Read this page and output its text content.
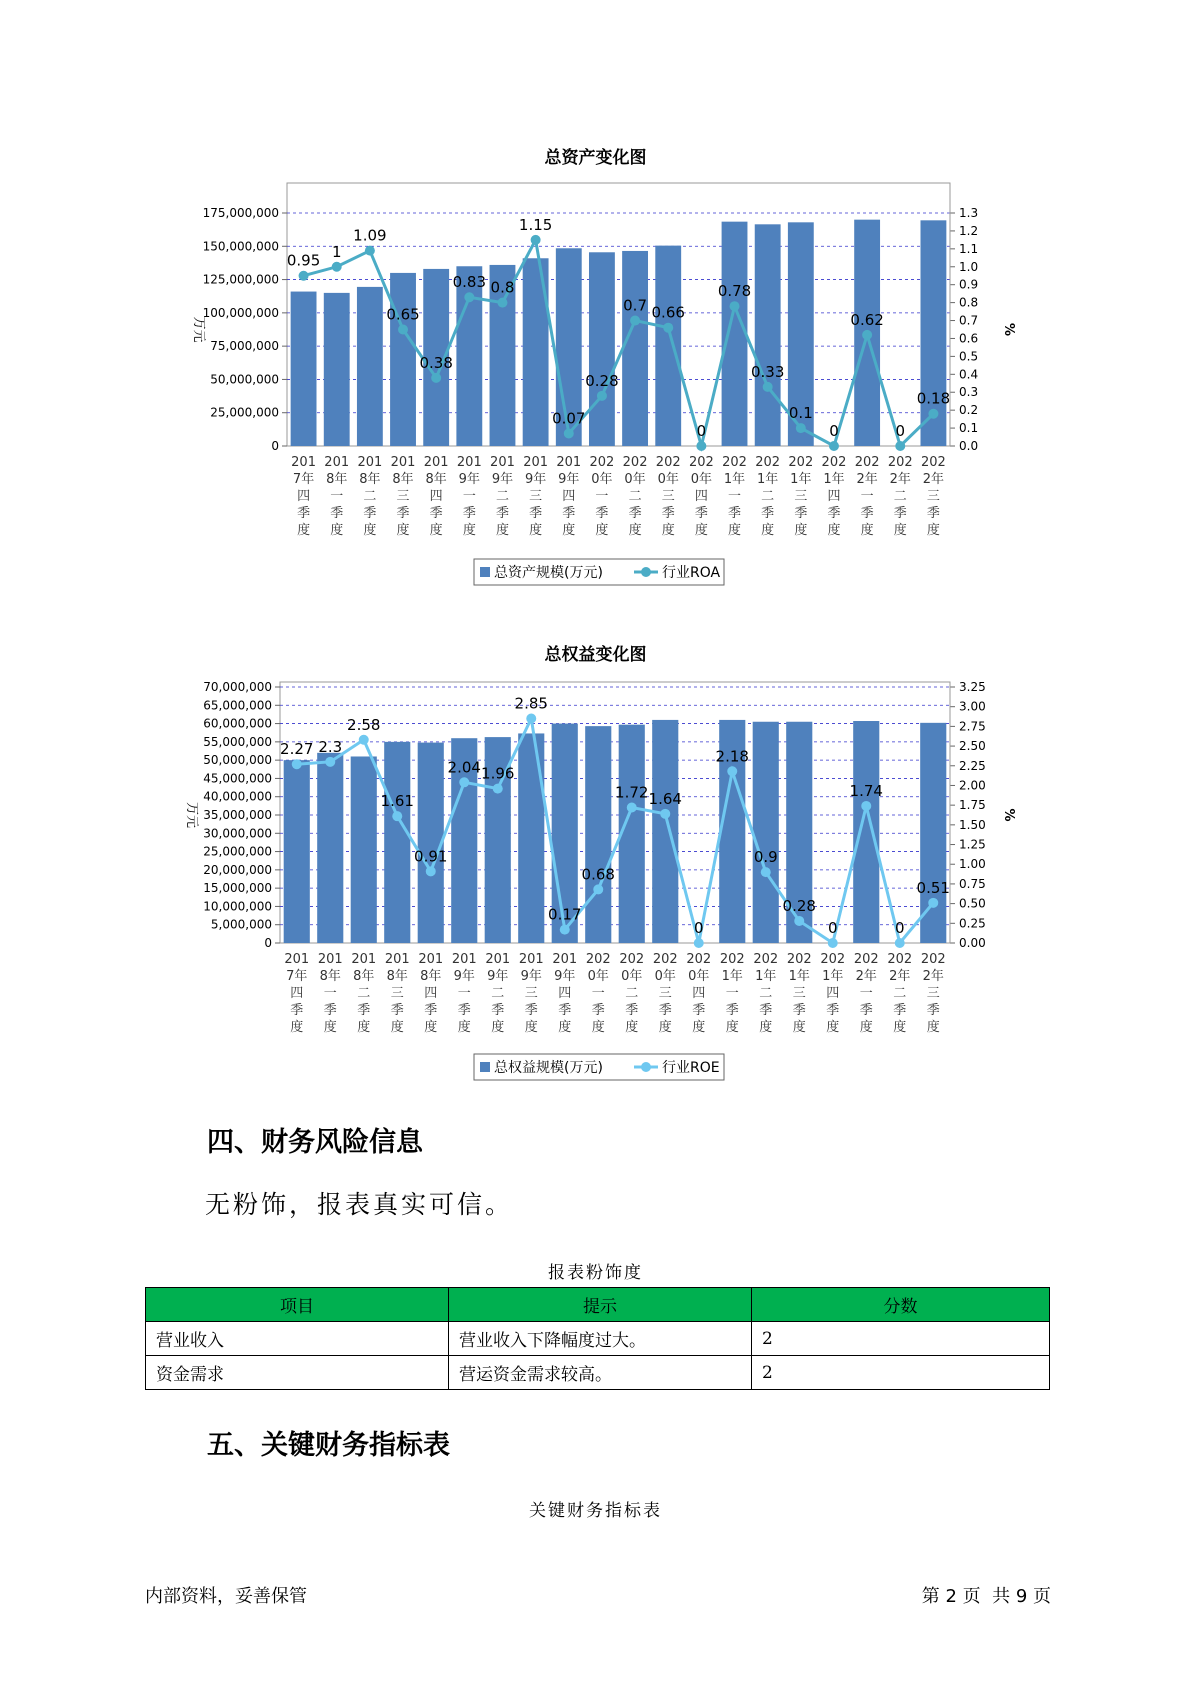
总资产变化图
0
25,000,000
50,000,000
75,000,000
100,000,000
125,000,000
150,000,000
175,000,000
0.0
0.1
0.2
0.3
0.4
0.5
0.6
0.7
0.8
0.9
1.0
1.1
1.2
1.3
万元	%
0.95 1
1.09
0.65
0.38
0.83 0.8
1.15
0.07
0.28
0.7 0.66
0
0.78
0.33
0.1
0
0.62
0
0.18
201
7年
四
季
度
201
8年
一
季
度
201
8年
二
季
度
201
8年
三
季
度
201
8年
四
季
度
201
9年
一
季
度
201
9年
二
季
度
201
9年
三
季
度
201
9年
四
季
度
202
0年
一
季
度
202
0年
二
季
度
202
0年
三
季
度
202
0年
四
季
度
202
1年
一
季
度
202
1年
二
季
度
202
1年
三
季
度
202
1年
四
季
度
202
2年
一
季
度
202
2年
二
季
度
202
2年
三
季
度
总资产规模(万元)	行业ROA
总权益变化图
0
5,000,000
10,000,000
15,000,000
20,000,000
25,000,000
30,000,000
35,000,000
40,000,000
45,000,000
50,000,000
55,000,000
60,000,000
65,000,000
70,000,000
0.00
0.25
0.50
0.75
1.00
1.25
1.50
1.75
2.00
2.25
2.50
2.75
3.00
3.25
万元	%
2.27 2.3
2.58
1.61
0.91
2.04 1.96
2.85
0.17
0.68
1.72 1.64
0
2.18
0.9
0.28
0
1.74
0
0.51
201
7年
四
季
度
201
8年
一
季
度
201
8年
二
季
度
201
8年
三
季
度
201
8年
四
季
度
201
9年
一
季
度
201
9年
二
季
度
201
9年
三
季
度
201
9年
四
季
度
202
0年
一
季
度
202
0年
二
季
度
202
0年
三
季
度
202
0年
四
季
度
202
1年
一
季
度
202
1年
二
季
度
202
1年
三
季
度
202
1年
四
季
度
202
2年
一
季
度
202
2年
二
季
度
202
2年
三
季
度
总权益规模(万元)	行业ROE
四、财务风险信息
无粉饰，报表真实可信。
报表粉饰度
项目	提示	分数
营业收入	营业收入下降幅度过大。	2
资金需求	营运资金需求较高。	2
五、关键财务指标表
关键财务指标表
内部资料，妥善保管	第 2 页  共 9 页
